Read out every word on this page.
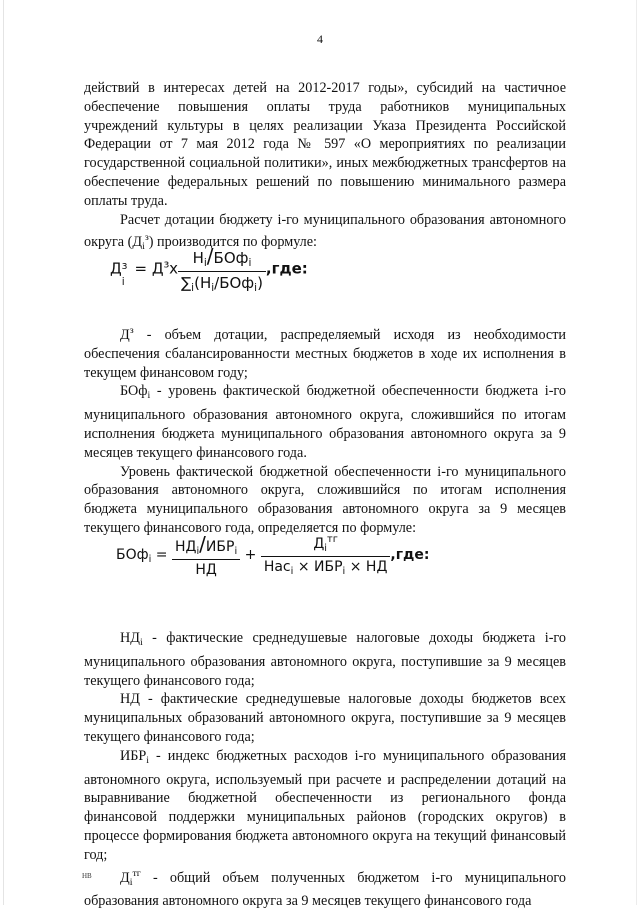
4

действий в интересах детей на 2012-2017 годы», субсидий на частичное обеспечение повышения оплаты труда работников муниципальных учреждений культуры в целях реализации Указа Президента Российской Федерации от 7 мая 2012 года № 597 «О мероприятиях по реализации государственной социальной политики», иных межбюджетных трансфертов на обеспечение федеральных решений по повышению минимального размера оплаты труда.

Расчет дотации бюджету i-го муниципального образования автономного округа $(Д_i^з)$ производится по формуле:

Д з
i
= $Д^зх \frac{H_i/БОф_i}{\sum_i(H_i/БОф_i)} ,где$:

$Д^з$ - объем дотации, распределяемый исходя из необходимости обеспечения сбалансированности местных бюджетов в ходе их исполнения в текущем финансовом году;

БОф$_i$ - уровень фактической бюджетной обеспеченности бюджета i-го муниципального образования автономного округа, сложившийся по итогам исполнения бюджета муниципального образования автономного округа за 9 месяцев текущего финансового года.

Уровень фактической бюджетной обеспеченности i-го муниципального образования автономного округа, сложившийся по итогам исполнения бюджета муниципального образования автономного округа за 9 месяцев текущего финансового года, определяется по формуле:

$БОф_i = \frac{НД_i/ИБР_i}{НД} + \frac{Д_i^{тг}}{Нас_i \times ИБР_i \times НД} ,где$:

$НД_i$ - фактические среднедушевые налоговые доходы бюджета i-го муниципального образования автономного округа, поступившие за 9 месяцев текущего финансового года;

НД - фактические среднедушевые налоговые доходы бюджетов всех муниципальных образований автономного округа, поступившие за 9 месяцев текущего финансового года;

$ИБР_i$ - индекс бюджетных расходов i-го муниципального образования автономного округа, используемый при расчете и распределении дотаций на выравнивание бюджетной обеспеченности из регионального фонда финансовой поддержки муниципальных районов (городских округов) в процессе формирования бюджета автономного округа на текущий финансовый год;

$Д_i^{тг}$ - общий объем полученных бюджетом i-го муниципального образования автономного округа за 9 месяцев текущего финансового года

HB
